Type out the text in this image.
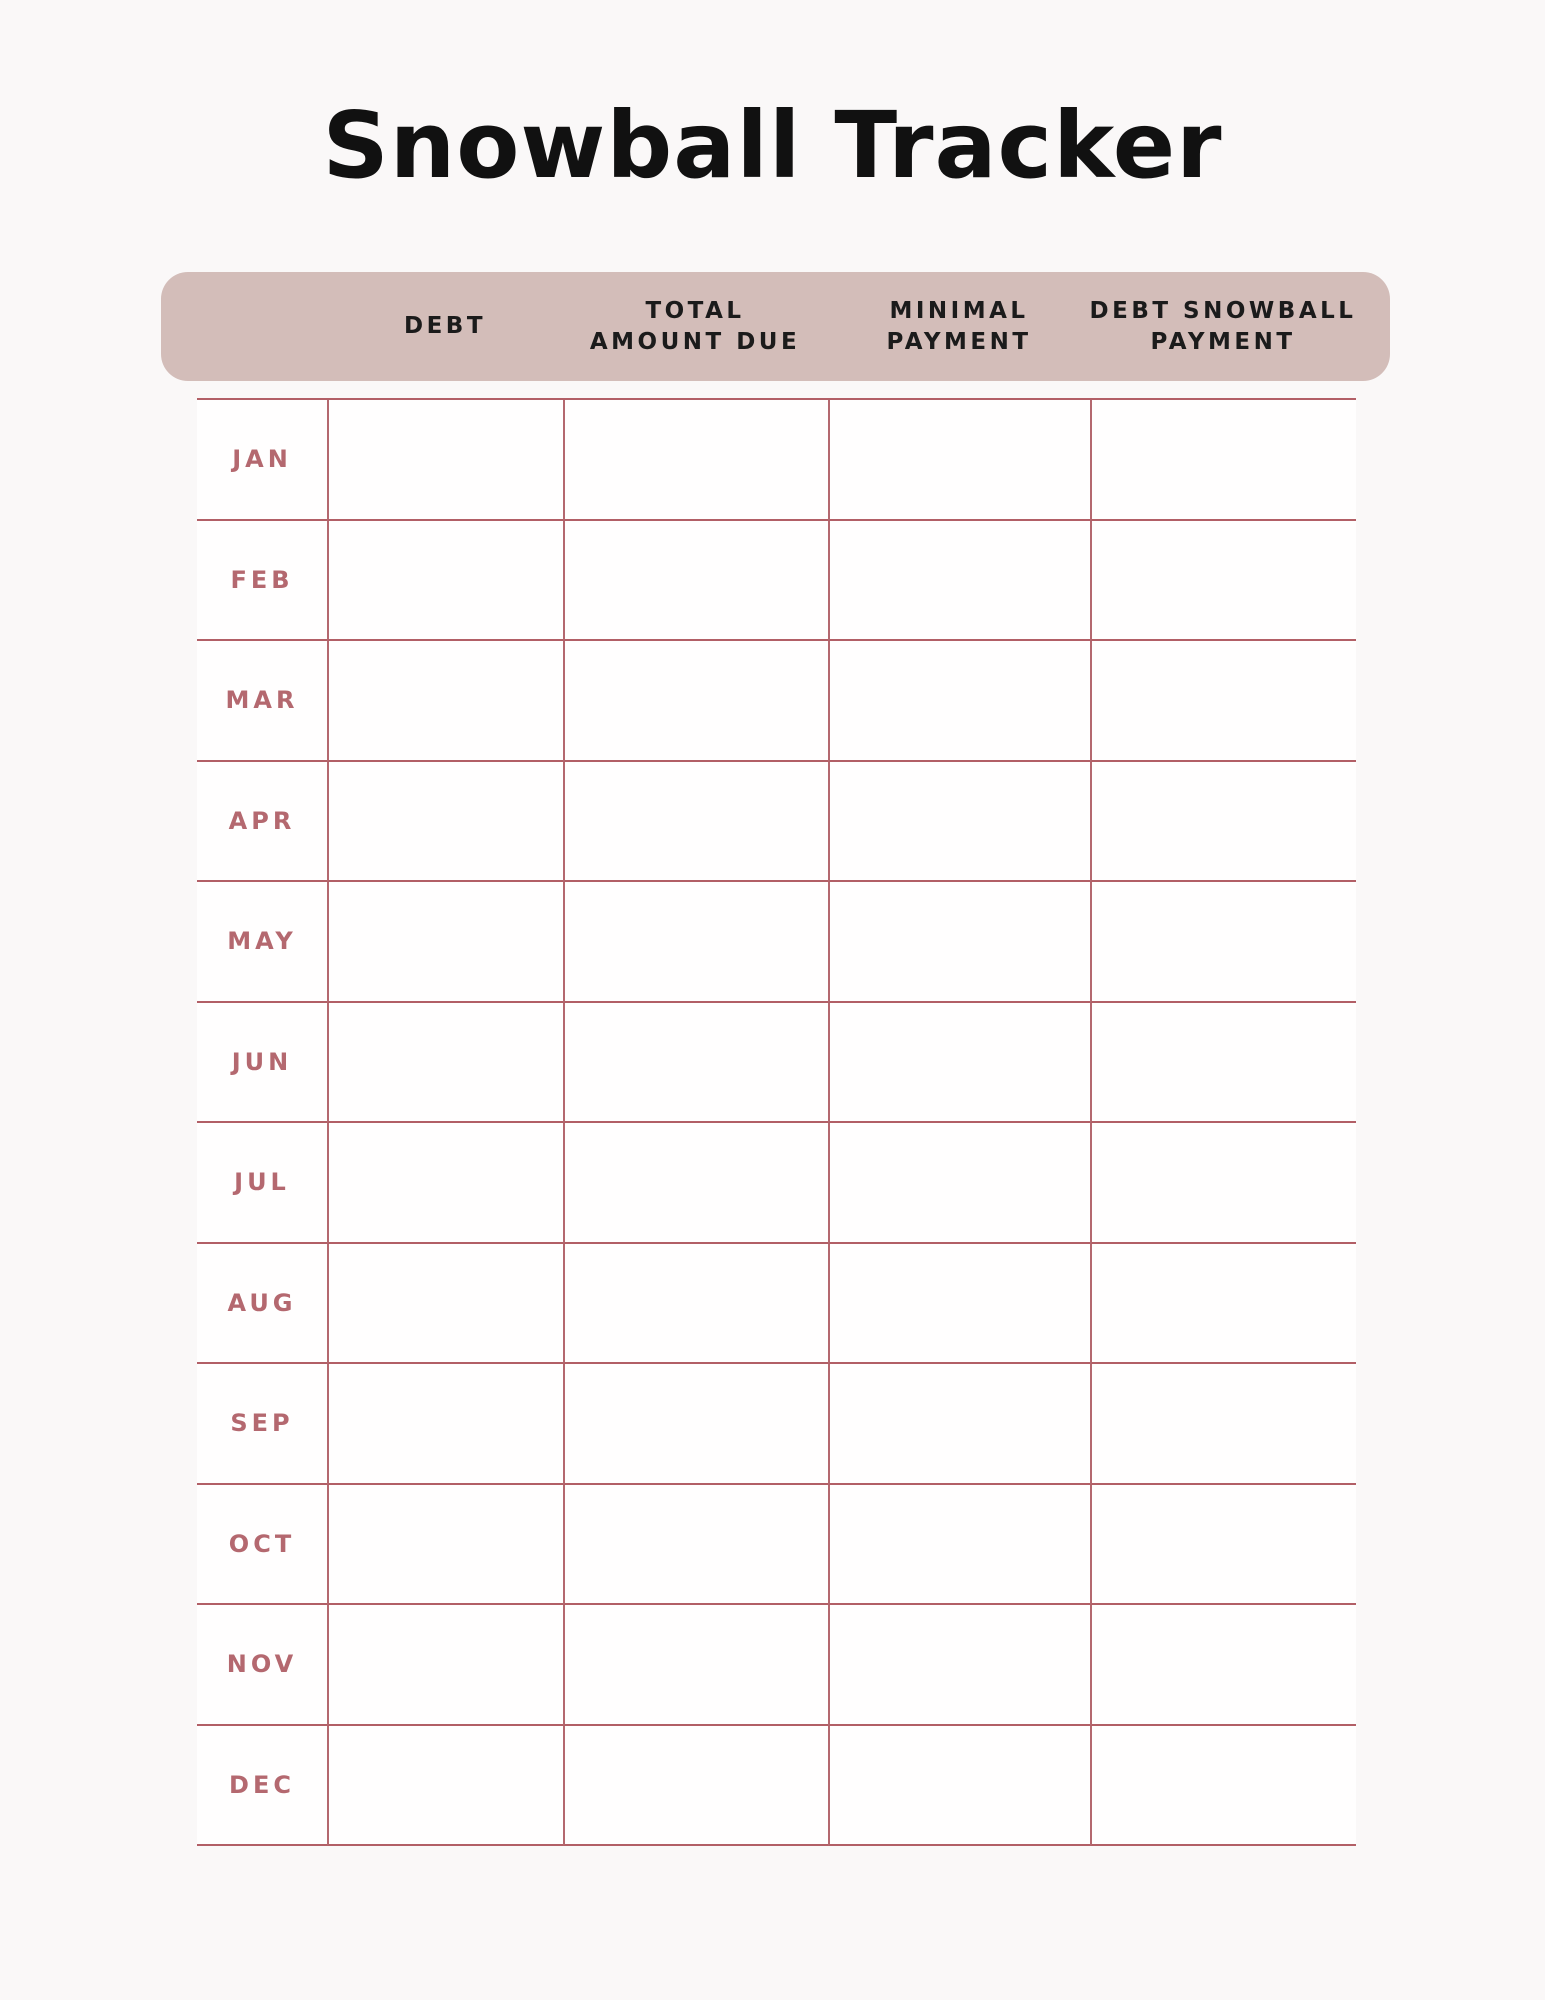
Snowball Tracker
DEBT
TOTAL
AMOUNT DUE
MINIMAL
PAYMENT
DEBT SNOWBALL
PAYMENT
JAN
FEB
MAR
APR
MAY
JUN
JUL
AUG
SEP
OCT
NOV
DEC
